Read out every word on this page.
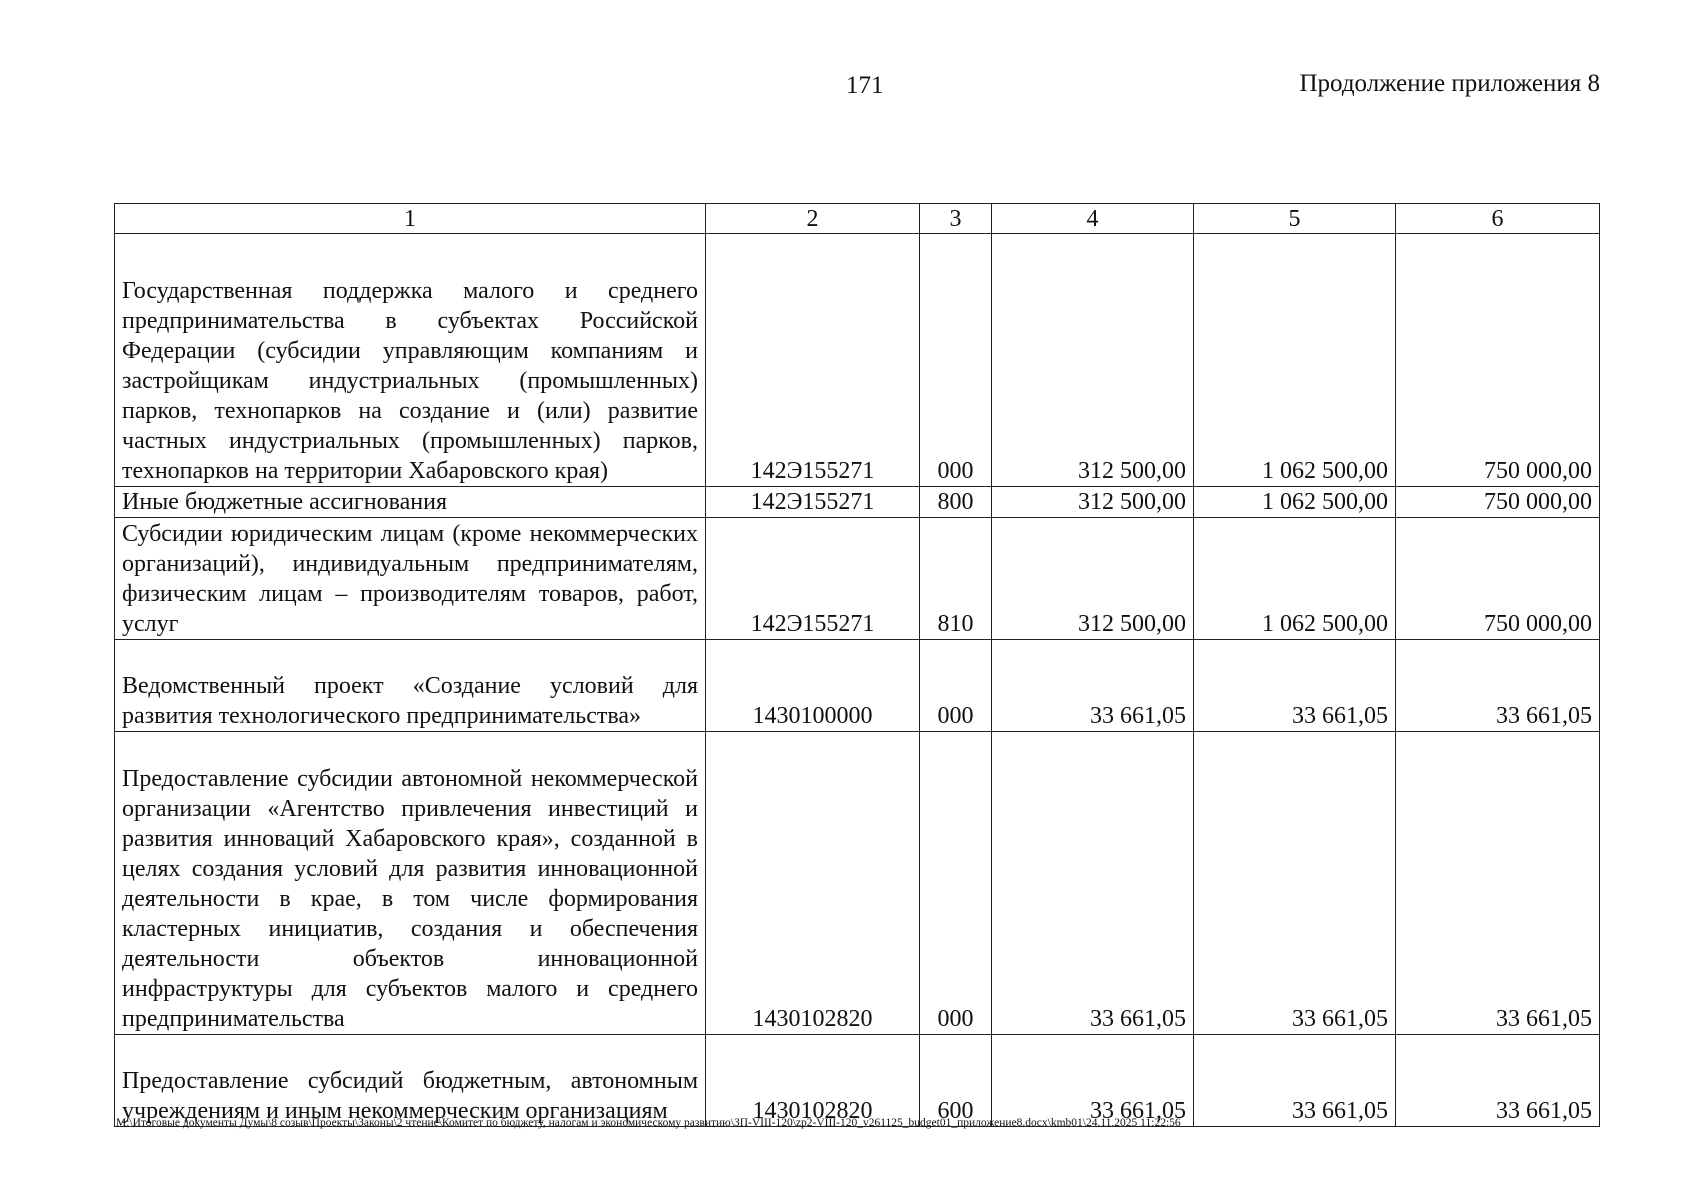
171	Продолжение приложения 8
1	2	3	4	5	6
Государственная поддержка малого и среднего предпринимательства в субъектах Российской Федерации (субсидии управляющим компаниям и застройщикам индустриальных (промышленных) парков, технопарков на создание и (или) развитие частных индустриальных (промышленных) парков, технопарков на территории Хабаровского края)	142Э155271	000	312 500,00	1 062 500,00	750 000,00
Иные бюджетные ассигнования	142Э155271	800	312 500,00	1 062 500,00	750 000,00
Субсидии юридическим лицам (кроме некоммерческих организаций), индивидуальным предпринимателям, физическим лицам – производителям товаров, работ, услуг	142Э155271	810	312 500,00	1 062 500,00	750 000,00
Ведомственный проект «Создание условий для развития технологического предпринимательства»	1430100000	000	33 661,05	33 661,05	33 661,05
Предоставление субсидии автономной некоммерческой организации «Агентство привлечения инвестиций и развития инноваций Хабаровского края», созданной в целях создания условий для развития инновационной деятельности в крае, в том числе формирования кластерных инициатив, создания и обеспечения деятельности объектов инновационной инфраструктуры для субъектов малого и среднего предпринимательства	1430102820	000	33 661,05	33 661,05	33 661,05
Предоставление субсидий бюджетным, автономным учреждениям и иным некоммерческим организациям	1430102820	600	33 661,05	33 661,05	33 661,05
M:\Итоговые документы Думы\8 созыв\Проекты\Законы\2 чтение\Комитет по бюджету, налогам и экономическому развитию\ЗП-VIII-120\zp2-VIII-120_v261125_budget01_приложение8.docx\kmb01\24.11.2025 11:22:56
